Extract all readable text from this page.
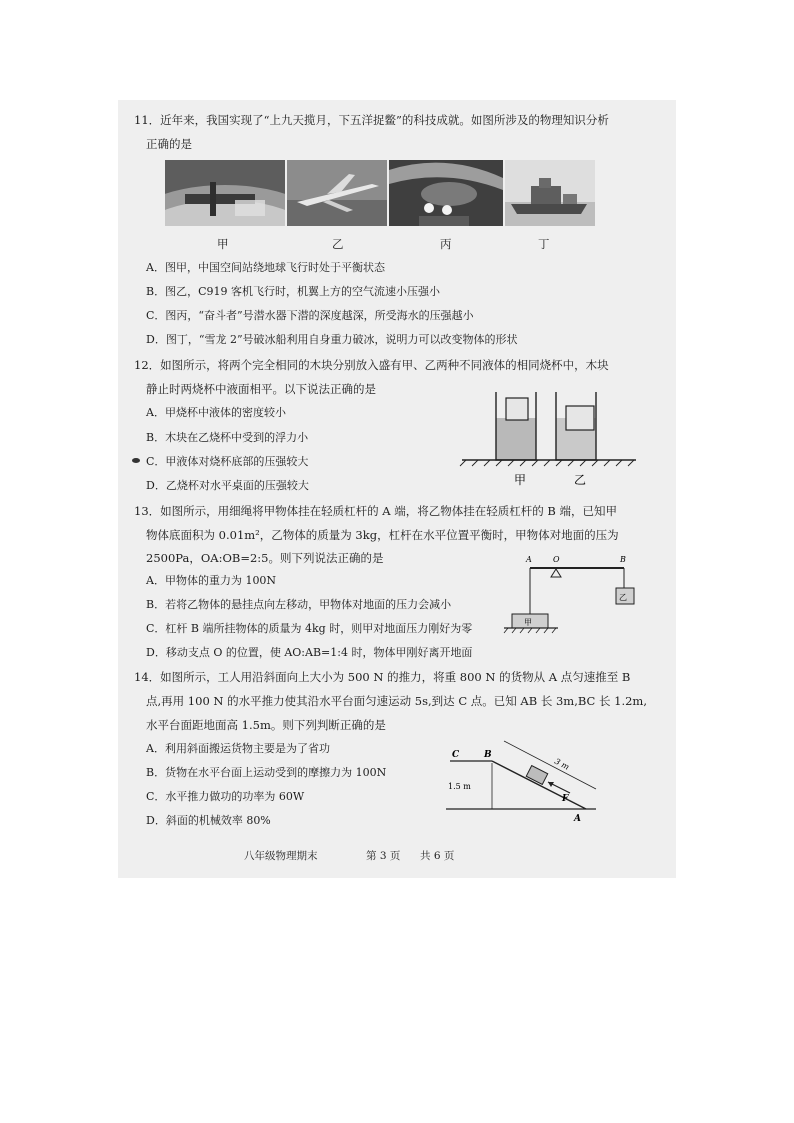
11．近年来，我国实现了“上九天揽月，下五洋捉鳖”的科技成就。如图所涉及的物理知识分析
正确的是
甲	乙	丙	丁
A．图甲，中国空间站绕地球飞行时处于平衡状态
B．图乙，C919 客机飞行时，机翼上方的空气流速小压强小
C．图丙，“奋斗者”号潜水器下潜的深度越深，所受海水的压强越小
D．图丁，“雪龙 2”号破冰船利用自身重力破冰，说明力可以改变物体的形状
12．如图所示，将两个完全相同的木块分别放入盛有甲、乙两种不同液体的相同烧杯中，木块
静止时两烧杯中液面相平。以下说法正确的是
A．甲烧杯中液体的密度较小
B．木块在乙烧杯中受到的浮力小
C．甲液体对烧杯底部的压强较大
D．乙烧杯对水平桌面的压强较大	甲	乙
13．如图所示，用细绳将甲物体挂在轻质杠杆的 A 端，将乙物体挂在轻质杠杆的 B 端，已知甲
物体底面积为 0.01m²，乙物体的质量为 3kg，杠杆在水平位置平衡时，甲物体对地面的压为
2500Pa，OA:OB=2:5。则下列说法正确的是
A．甲物体的重力为 100N
B．若将乙物体的悬挂点向左移动，甲物体对地面的压力会减小
C．杠杆 B 端所挂物体的质量为 4kg 时，则甲对地面压力刚好为零
D．移动支点 O 的位置，使 AO:AB=1:4 时，物体甲刚好离开地面
A	O	B
乙
甲
14．如图所示，工人用沿斜面向上大小为 500 N 的推力，将重 800 N 的货物从 A 点匀速推至 B
点,再用 100 N 的水平推力使其沿水平台面匀速运动 5s,到达 C 点。已知 AB 长 3m,BC 长 1.2m,
水平台面距地面高 1.5m。则下列判断正确的是
A．利用斜面搬运货物主要是为了省功
B．货物在水平台面上运动受到的摩擦力为 100N
C．水平推力做功的功率为 60W
D．斜面的机械效率 80%
C	B
3 m
1.5 m
F
A
八年级物理期末	第 3 页 共 6 页
